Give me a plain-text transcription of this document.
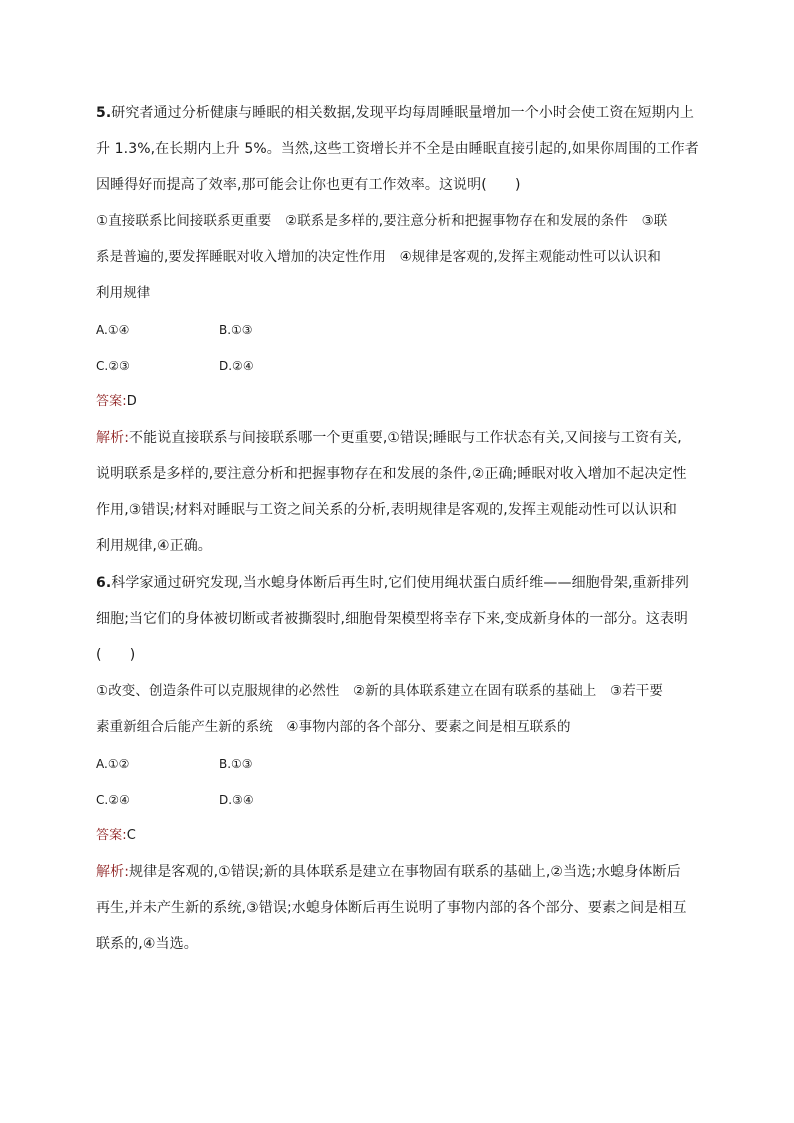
5.研究者通过分析健康与睡眠的相关数据,发现平均每周睡眠量增加一个小时会使工资在短期内上
升 1.3%,在长期内上升 5%。当然,这些工资增长并不全是由睡眠直接引起的,如果你周围的工作者
因睡得好而提高了效率,那可能会让你也更有工作效率。这说明(　　)
①直接联系比间接联系更重要　②联系是多样的,要注意分析和把握事物存在和发展的条件　③联
系是普遍的,要发挥睡眠对收入增加的决定性作用　④规律是客观的,发挥主观能动性可以认识和
利用规律
A.①④	B.①③
C.②③	D.②④
答案:D
解析:不能说直接联系与间接联系哪一个更重要,①错误;睡眠与工作状态有关,又间接与工资有关,
说明联系是多样的,要注意分析和把握事物存在和发展的条件,②正确;睡眠对收入增加不起决定性
作用,③错误;材料对睡眠与工资之间关系的分析,表明规律是客观的,发挥主观能动性可以认识和
利用规律,④正确。
6.科学家通过研究发现,当水螅身体断后再生时,它们使用绳状蛋白质纤维——细胞骨架,重新排列
细胞;当它们的身体被切断或者被撕裂时,细胞骨架模型将幸存下来,变成新身体的一部分。这表明
(　　)
①改变、创造条件可以克服规律的必然性　②新的具体联系建立在固有联系的基础上　③若干要
素重新组合后能产生新的系统　④事物内部的各个部分、要素之间是相互联系的
A.①②	B.①③
C.②④	D.③④
答案:C
解析:规律是客观的,①错误;新的具体联系是建立在事物固有联系的基础上,②当选;水螅身体断后
再生,并未产生新的系统,③错误;水螅身体断后再生说明了事物内部的各个部分、要素之间是相互
联系的,④当选。
